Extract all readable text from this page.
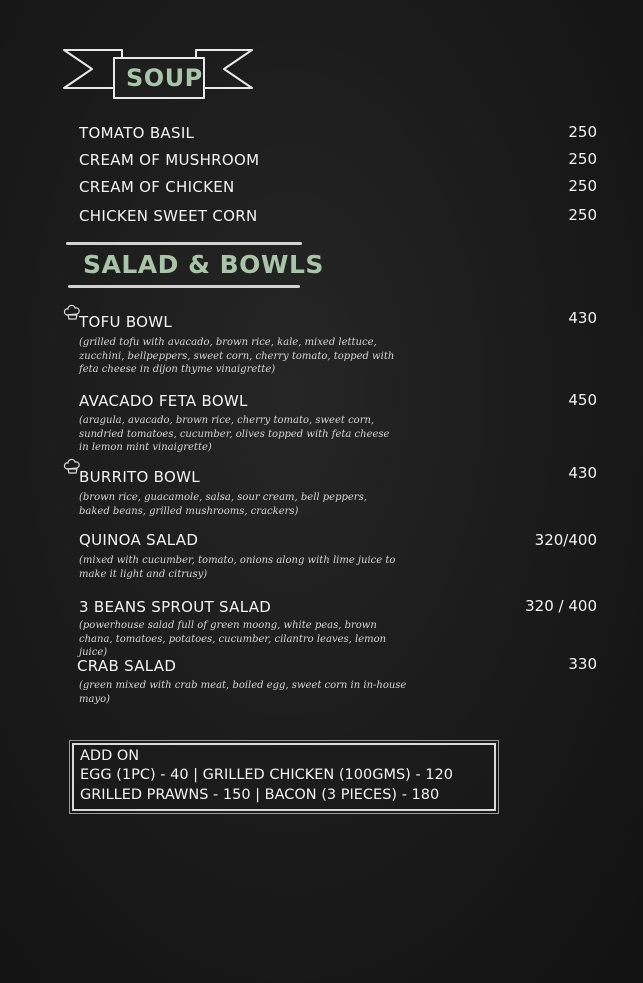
SOUP
TOMATO BASIL	250
CREAM OF MUSHROOM	250
CREAM OF CHICKEN	250
CHICKEN SWEET CORN	250
SALAD & BOWLS
TOFU BOWL	430
(grilled tofu with avacado, brown rice, kale, mixed lettuce, zucchini, bellpeppers, sweet corn, cherry tomato, topped with feta cheese in dijon thyme vinaigrette)
AVACADO FETA BOWL	450
(aragula, avacado, brown rice, cherry tomato, sweet corn, sundried tomatoes, cucumber, olives topped with feta cheese in lemon mint vinaigrette)
BURRITO BOWL	430
(brown rice, guacamole, salsa, sour cream, bell peppers, baked beans, grilled mushrooms, crackers)
QUINOA SALAD	320/400
(mixed with cucumber, tomato, onions along with lime juice to make it light and citrusy)
3 BEANS SPROUT SALAD	320 / 400
(powerhouse salad full of green moong, white peas, brown chana, tomatoes, potatoes, cucumber, cilantro leaves, lemon juice)
CRAB SALAD	330
(green mixed with crab meat, boiled egg, sweet corn in in-house mayo)
ADD ON
EGG (1PC) - 40 | GRILLED CHICKEN (100GMS) - 120
GRILLED PRAWNS - 150 | BACON (3 PIECES) - 180
